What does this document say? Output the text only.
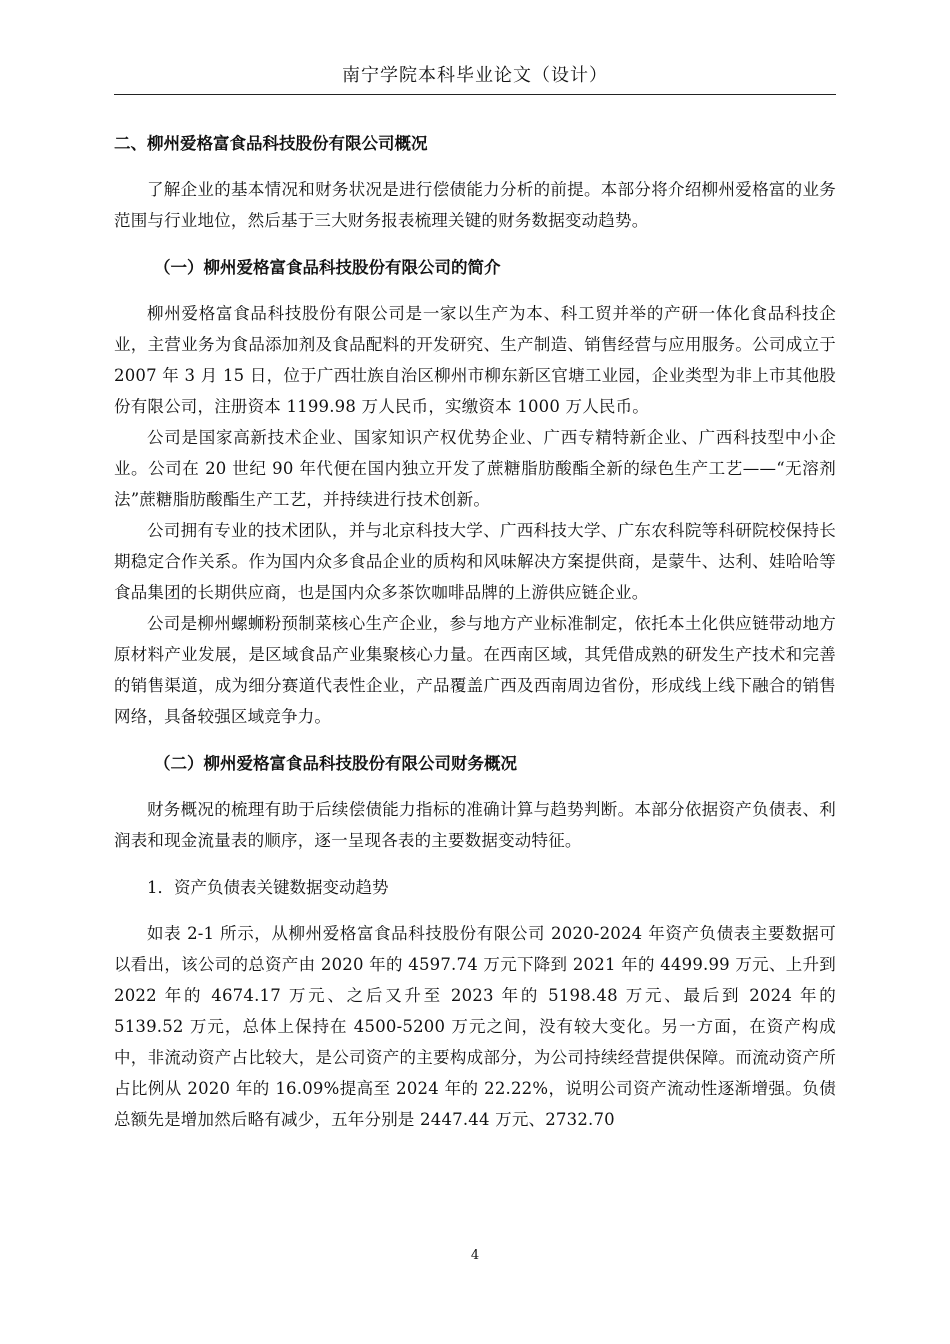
南宁学院本科毕业论文（设计）

二、柳州爱格富食品科技股份有限公司概况

了解企业的基本情况和财务状况是进行偿债能力分析的前提。本部分将介绍柳州爱格富的业务范围与行业地位，然后基于三大财务报表梳理关键的财务数据变动趋势。

（一）柳州爱格富食品科技股份有限公司的简介

柳州爱格富食品科技股份有限公司是一家以生产为本、科工贸并举的产研一体化食品科技企业，主营业务为食品添加剂及食品配料的开发研究、生产制造、销售经营与应用服务。公司成立于 2007 年 3 月 15 日，位于广西壮族自治区柳州市柳东新区官塘工业园，企业类型为非上市其他股份有限公司，注册资本 1199.98 万人民币，实缴资本 1000 万人民币。

公司是国家高新技术企业、国家知识产权优势企业、广西专精特新企业、广西科技型中小企业。公司在 20 世纪 90 年代便在国内独立开发了蔗糖脂肪酸酯全新的绿色生产工艺——“无溶剂法”蔗糖脂肪酸酯生产工艺，并持续进行技术创新。

公司拥有专业的技术团队，并与北京科技大学、广西科技大学、广东农科院等科研院校保持长期稳定合作关系。作为国内众多食品企业的质构和风味解决方案提供商，是蒙牛、达利、娃哈哈等食品集团的长期供应商，也是国内众多茶饮咖啡品牌的上游供应链企业。

公司是柳州螺蛳粉预制菜核心生产企业，参与地方产业标准制定，依托本土化供应链带动地方原材料产业发展，是区域食品产业集聚核心力量。在西南区域，其凭借成熟的研发生产技术和完善的销售渠道，成为细分赛道代表性企业，产品覆盖广西及西南周边省份，形成线上线下融合的销售网络，具备较强区域竞争力。

（二）柳州爱格富食品科技股份有限公司财务概况

财务概况的梳理有助于后续偿债能力指标的准确计算与趋势判断。本部分依据资产负债表、利润表和现金流量表的顺序，逐一呈现各表的主要数据变动特征。

1．资产负债表关键数据变动趋势

如表 2-1 所示，从柳州爱格富食品科技股份有限公司 2020-2024 年资产负债表主要数据可以看出，该公司的总资产由 2020 年的 4597.74 万元下降到 2021 年的 4499.99 万元、上升到 2022 年的 4674.17 万元、之后又升至 2023 年的 5198.48 万元、最后到 2024 年的 5139.52 万元，总体上保持在 4500-5200 万元之间，没有较大变化。另一方面，在资产构成中，非流动资产占比较大，是公司资产的主要构成部分，为公司持续经营提供保障。而流动资产所占比例从 2020 年的 16.09%提高至 2024 年的 22.22%，说明公司资产流动性逐渐增强。负债总额先是增加然后略有减少，五年分别是 2447.44 万元、2732.70

4
